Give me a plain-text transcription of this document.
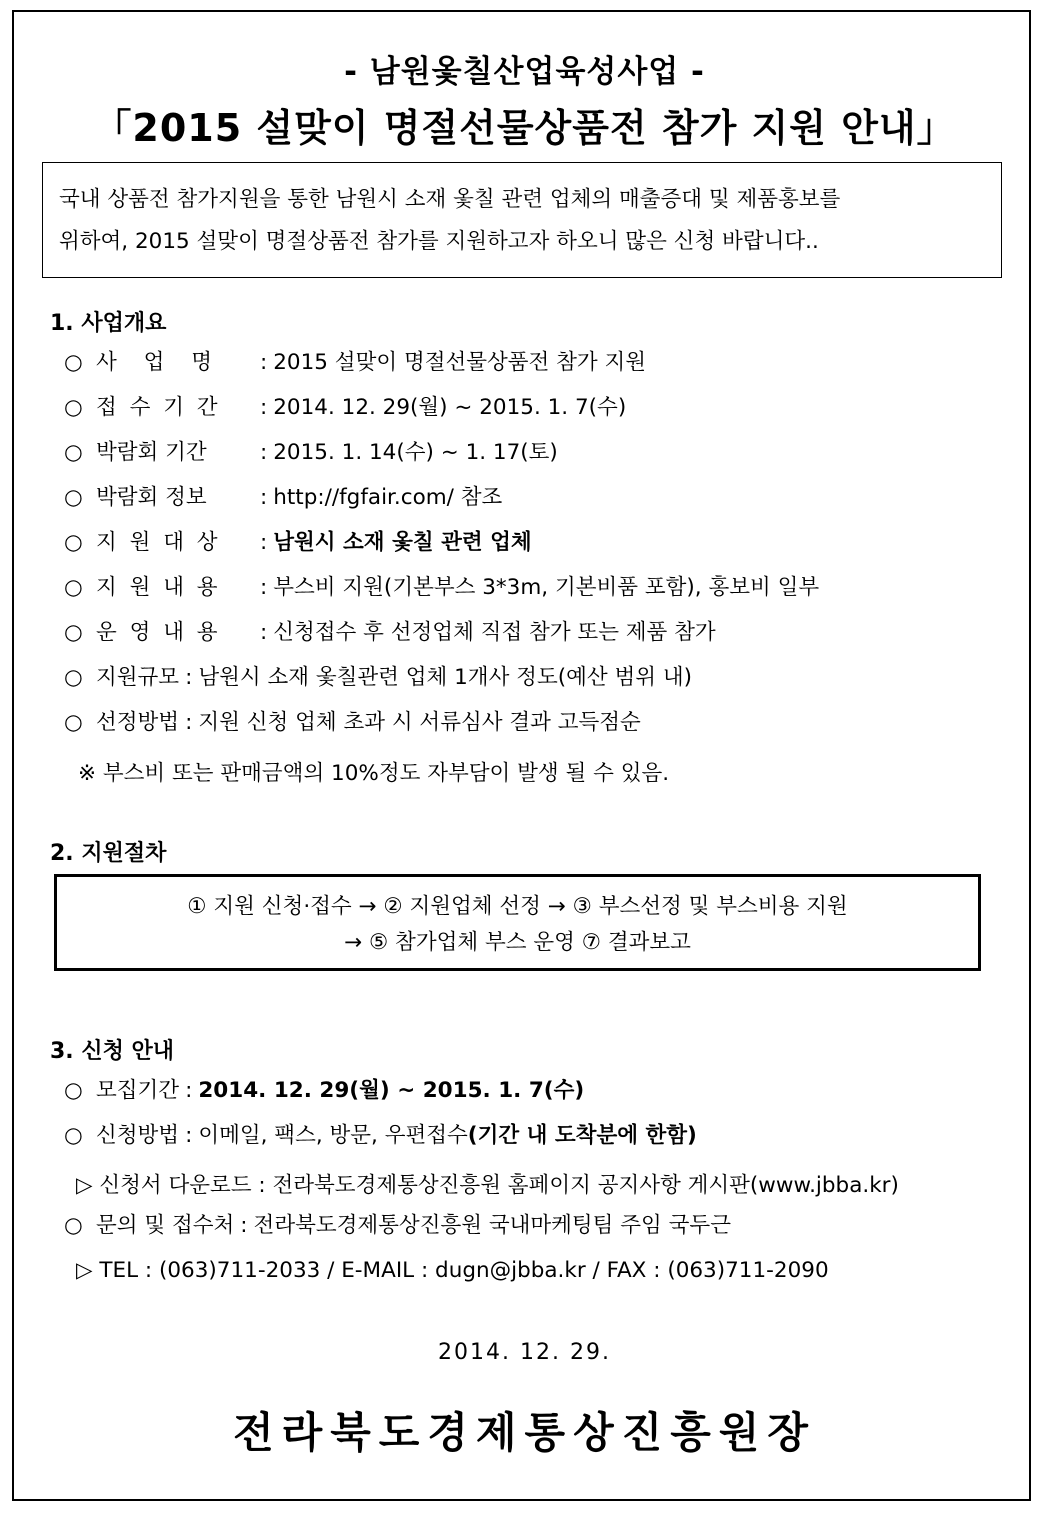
- 남원옻칠산업육성사업 -
「2015 설맞이 명절선물상품전 참가 지원 안내」

국내 상품전 참가지원을 통한 남원시 소재 옻칠 관련 업체의 매출증대 및 제품홍보를

위하여, 2015 설맞이 명절상품전 참가를 지원하고자 하오니 많은 신청 바랍니다..

1. 사업개요
○ 사 업 명 : 2015 설맞이 명절선물상품전 참가 지원
○ 접 수 기 간 : 2014. 12. 29(월) ~ 2015. 1. 7(수)
○ 박람회 기간 : 2015. 1. 14(수) ~ 1. 17(토)
○ 박람회 정보 : http://fgfair.com/ 참조
○ 지 원 대 상 : 남원시 소재 옻칠 관련 업체
○ 지 원 내 용 : 부스비 지원(기본부스 3*3m, 기본비품 포함), 홍보비 일부
○ 운 영 내 용 : 신청접수 후 선정업체 직접 참가 또는 제품 참가
○ 지원규모 : 남원시 소재 옻칠관련 업체 1개사 정도(예산 범위 내)
○ 선정방법 : 지원 신청 업체 초과 시 서류심사 결과 고득점순
※ 부스비 또는 판매금액의 10%정도 자부담이 발생 될 수 있음.
2. 지원절차

① 지원 신청·접수 → ② 지원업체 선정 → ③ 부스선정 및 부스비용 지원

→ ⑤ 참가업체 부스 운영 ⑦ 결과보고

3. 신청 안내
○ 모집기간 : 2014. 12. 29(월) ~ 2015. 1. 7(수)
○ 신청방법 : 이메일, 팩스, 방문, 우편접수(기간 내 도착분에 한함)
▷ 신청서 다운로드 : 전라북도경제통상진흥원 홈페이지 공지사항 게시판(www.jbba.kr)
○ 문의 및 접수처 : 전라북도경제통상진흥원 국내마케팅팀 주임 국두근
▷ TEL : (063)711-2033 / E-MAIL : dugn@jbba.kr / FAX : (063)711-2090
2014. 12. 29.
전라북도경제통상진흥원장
